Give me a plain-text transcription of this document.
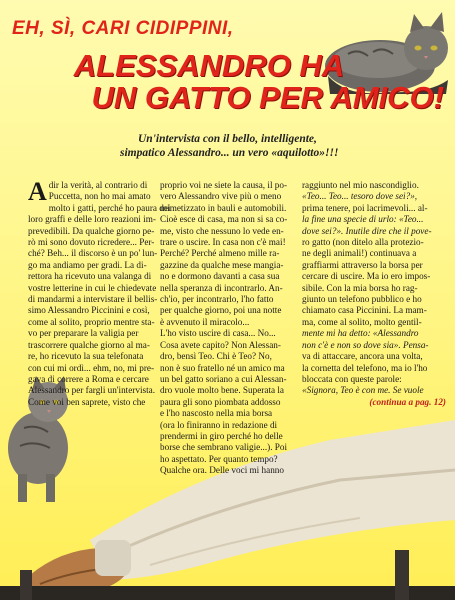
EH, SÌ, CARI CIDIPPINI,
ALESSANDRO HA
UN GATTO PER AMICO!

Un'intervista con il bello, intelligente,
simpatico Alessandro... un vero «aquilotto»!!!

A dir la verità, al contrario di
Puccetta, non ho mai amato
molto i gatti, perché ho paura dei
loro graffi e delle loro reazioni im-
prevedibili. Da qualche giorno pe-
rò mi sono dovuto ricredere... Per-
ché? Beh... il discorso è un po' lun-
go ma andiamo per gradi. La di-
rettora ha ricevuto una valanga di
vostre letterine in cui le chiedevate
di mandarmi a intervistare il bellis-
simo Alessandro Piccinini e così,
come al solito, proprio mentre sta-
vo per preparare la valigia per
trascorrere qualche giorno al ma-
re, ho ricevuto la sua telefonata
con cui mi ordì... ehm, no, mi pre-
gava di correre a Roma e cercare
Alessandro per fargli un'intervista.
Come voi ben saprete, visto che
proprio voi ne siete la causa, il po-
vero Alessandro vive più o meno
mimetizzato in bauli e automobili.
Cioè esce di casa, ma non si sa co-
me, visto che nessuno lo vede en-
trare o uscire. In casa non c'è mai!
Perché? Perché almeno mille ra-
gazzine da qualche mese mangia-
no e dormono davanti a casa sua
nella speranza di incontrarlo. An-
ch'io, per incontrarlo, l'ho fatto
per qualche giorno, poi una notte
è avvenuto il miracolo...
L'ho visto uscire di casa... No...
Cosa avete capito? Non Alessan-
dro, bensì Teo. Chi è Teo? No,
non è suo fratello né un amico ma
un bel gatto soriano a cui Alessan-
dro vuole molto bene. Superata la
paura gli sono piombata addosso
e l'ho nascosto nella mia borsa
(ora lo finiranno in redazione di
prendermi in giro perché ho delle
borse che sembrano valigie...). Poi
ho aspettato. Per quanto tempo?
Qualche ora. Delle voci mi hanno
raggiunto nel mio nascondiglio.
«Teo... Teo... tesoro dove sei?»,
prima tenere, poi lacrimevoli... al-
la fine una specie di urlo: «Teo...
dove sei?». Inutile dire che il pove-
ro gatto (non ditelo alla protezio-
ne degli animali!) continuava a
graffiarmi attraverso la borsa per
cercare di uscire. Ma io ero impos-
sibile. Con la mia borsa ho rag-
giunto un telefono pubblico e ho
chiamato casa Piccinini. La mam-
ma, come al solito, molto gentil-
mente mi ha detto: «Alessandro
non c'è e non so dove sia». Pensa-
va di attaccare, ancora una volta,
la cornetta del telefono, ma io l'ho
bloccata con queste parole:
«Signora, Teo è con me. Se vuole
(continua a pag. 12)
